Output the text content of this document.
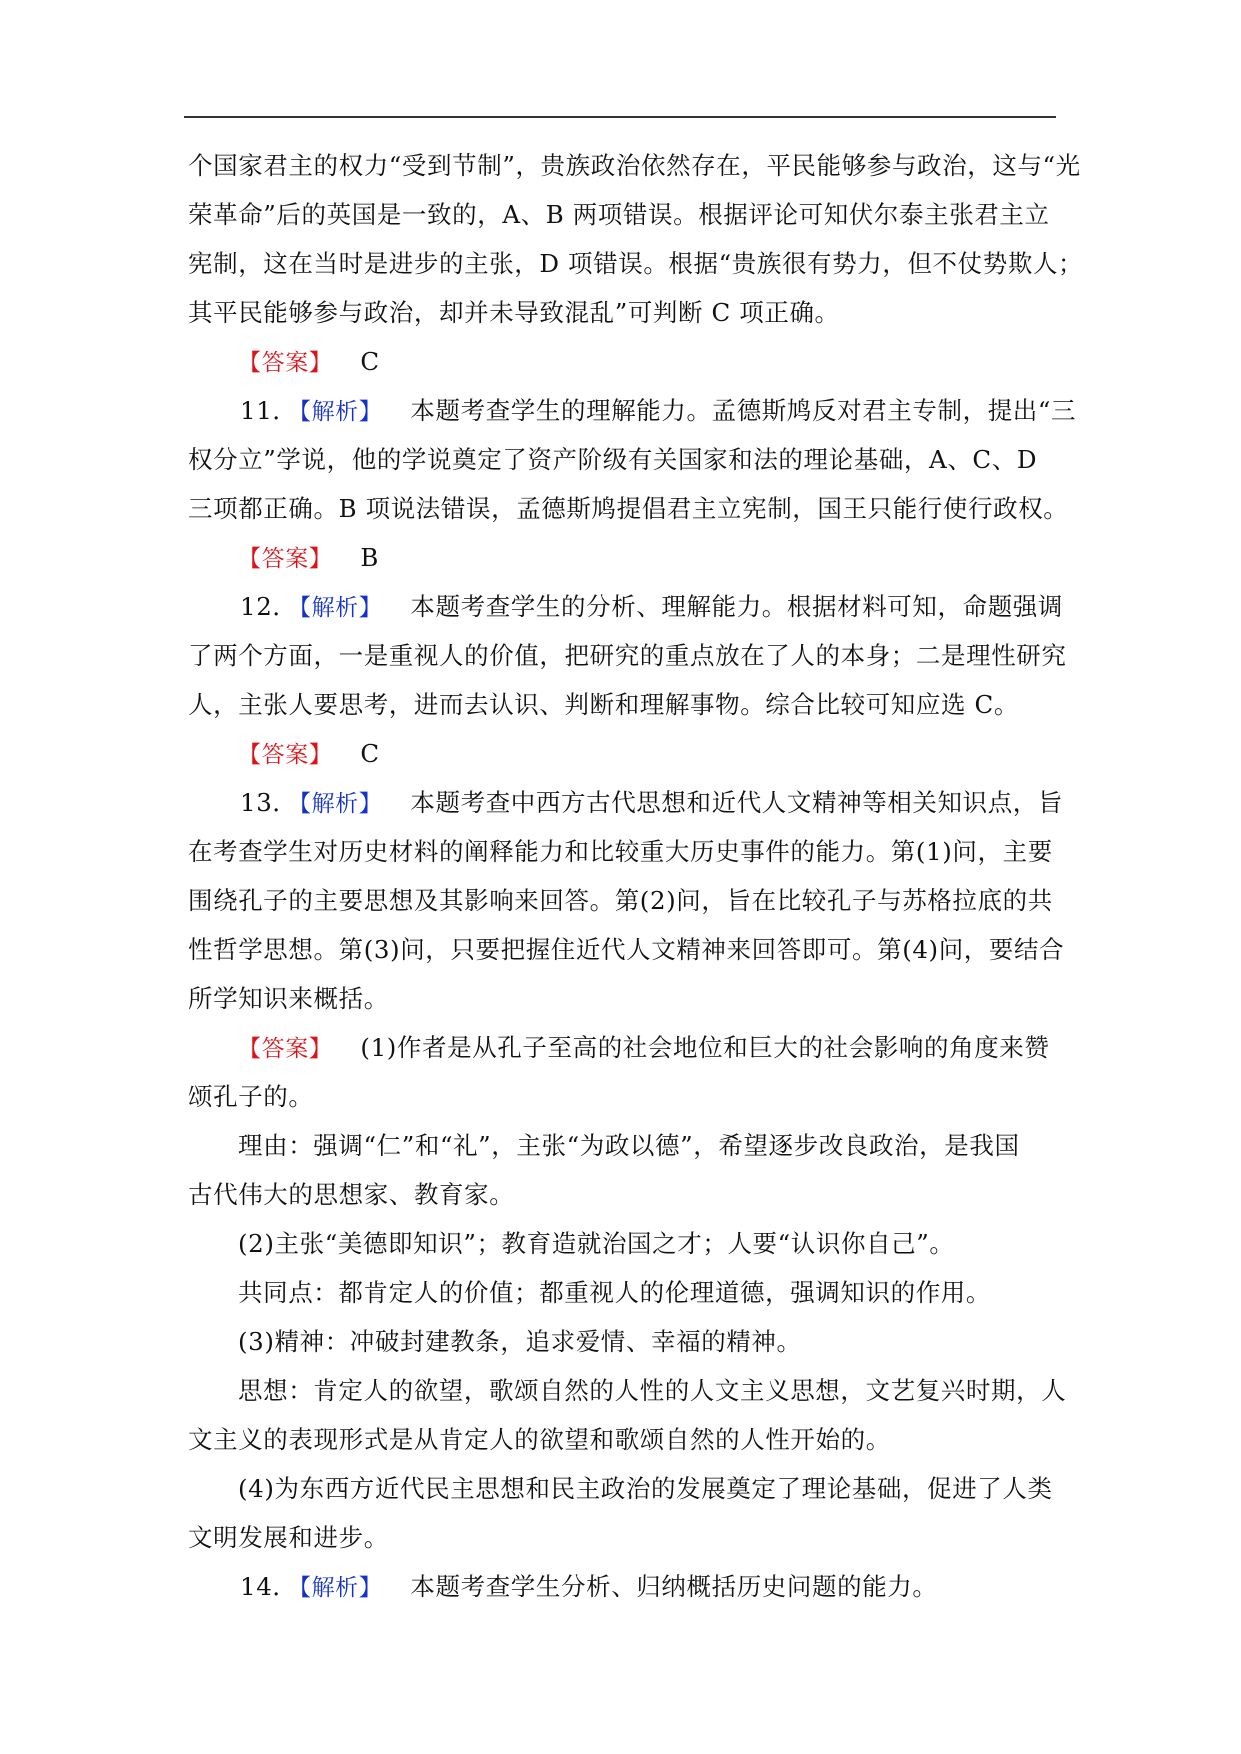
个国家君主的权力“受到节制”，贵族政治依然存在，平民能够参与政治，这与“光
荣革命”后的英国是一致的，A、B 两项错误。根据评论可知伏尔泰主张君主立
宪制，这在当时是进步的主张，D 项错误。根据“贵族很有势力，但不仗势欺人；
其平民能够参与政治，却并未导致混乱”可判断 C 项正确。
【答案】 C
11．【解析】 本题考查学生的理解能力。孟德斯鸠反对君主专制，提出“三
权分立”学说，他的学说奠定了资产阶级有关国家和法的理论基础，A、C、D
三项都正确。B 项说法错误，孟德斯鸠提倡君主立宪制，国王只能行使行政权。
【答案】 B
12．【解析】 本题考查学生的分析、理解能力。根据材料可知，命题强调
了两个方面，一是重视人的价值，把研究的重点放在了人的本身；二是理性研究
人，主张人要思考，进而去认识、判断和理解事物。综合比较可知应选 C。
【答案】 C
13．【解析】 本题考查中西方古代思想和近代人文精神等相关知识点，旨
在考查学生对历史材料的阐释能力和比较重大历史事件的能力。第(1)问，主要
围绕孔子的主要思想及其影响来回答。第(2)问，旨在比较孔子与苏格拉底的共
性哲学思想。第(3)问，只要把握住近代人文精神来回答即可。第(4)问，要结合
所学知识来概括。
【答案】 (1)作者是从孔子至高的社会地位和巨大的社会影响的角度来赞
颂孔子的。
理由：强调“仁”和“礼”，主张“为政以德”，希望逐步改良政治，是我国
古代伟大的思想家、教育家。
(2)主张“美德即知识”；教育造就治国之才；人要“认识你自己”。
共同点：都肯定人的价值；都重视人的伦理道德，强调知识的作用。
(3)精神：冲破封建教条，追求爱情、幸福的精神。
思想：肯定人的欲望，歌颂自然的人性的人文主义思想，文艺复兴时期，人
文主义的表现形式是从肯定人的欲望和歌颂自然的人性开始的。
(4)为东西方近代民主思想和民主政治的发展奠定了理论基础，促进了人类
文明发展和进步。
14．【解析】 本题考查学生分析、归纳概括历史问题的能力。
